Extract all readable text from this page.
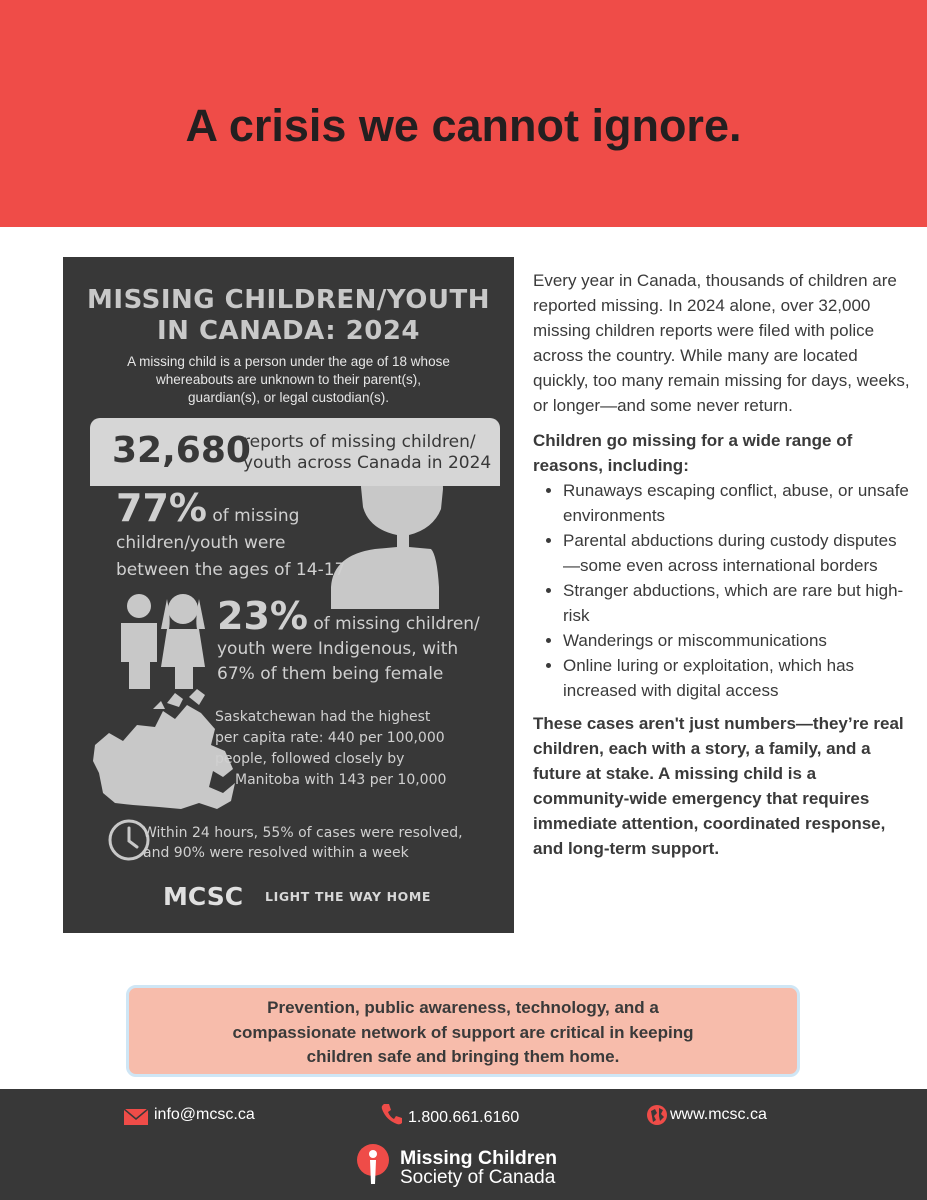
A crisis we cannot ignore.
MISSING CHILDREN/YOUTH
IN CANADA: 2024
A missing child is a person under the age of 18 whose
whereabouts are unknown to their parent(s),
guardian(s), or legal custodian(s).
32,680
reports of missing children/
youth across Canada in 2024
77% of missing
children/youth were
between the ages of 14-17
23% of missing children/
youth were Indigenous, with
67% of them being female
Saskatchewan had the highest
per capita rate: 440 per 100,000
people, followed closely by
Manitoba with 143 per 10,000
Within 24 hours, 55% of cases were resolved,
and 90% were resolved within a week
MCSC LIGHT THE WAY HOME

Every year in Canada, thousands of children are reported missing. In 2024 alone, over 32,000 missing children reports were filed with police across the country. While many are located quickly, too many remain missing for days, weeks, or longer—and some never return.

Children go missing for a wide range of reasons, including:

• Runaways escaping conflict, abuse, or unsafe environments
• Parental abductions during custody disputes—some even across international borders
• Stranger abductions, which are rare but high-risk
• Wanderings or miscommunications
• Online luring or exploitation, which has increased with digital access

These cases aren't just numbers—they’re real children, each with a story, a family, and a future at stake. A missing child is a community-wide emergency that requires immediate attention, coordinated response, and long-term support.

Prevention, public awareness, technology, and a
compassionate network of support are critical in keeping
children safe and bringing them home.

info@mcsc.ca	1.800.661.6160	www.mcsc.ca
Missing Children
Society of Canada
